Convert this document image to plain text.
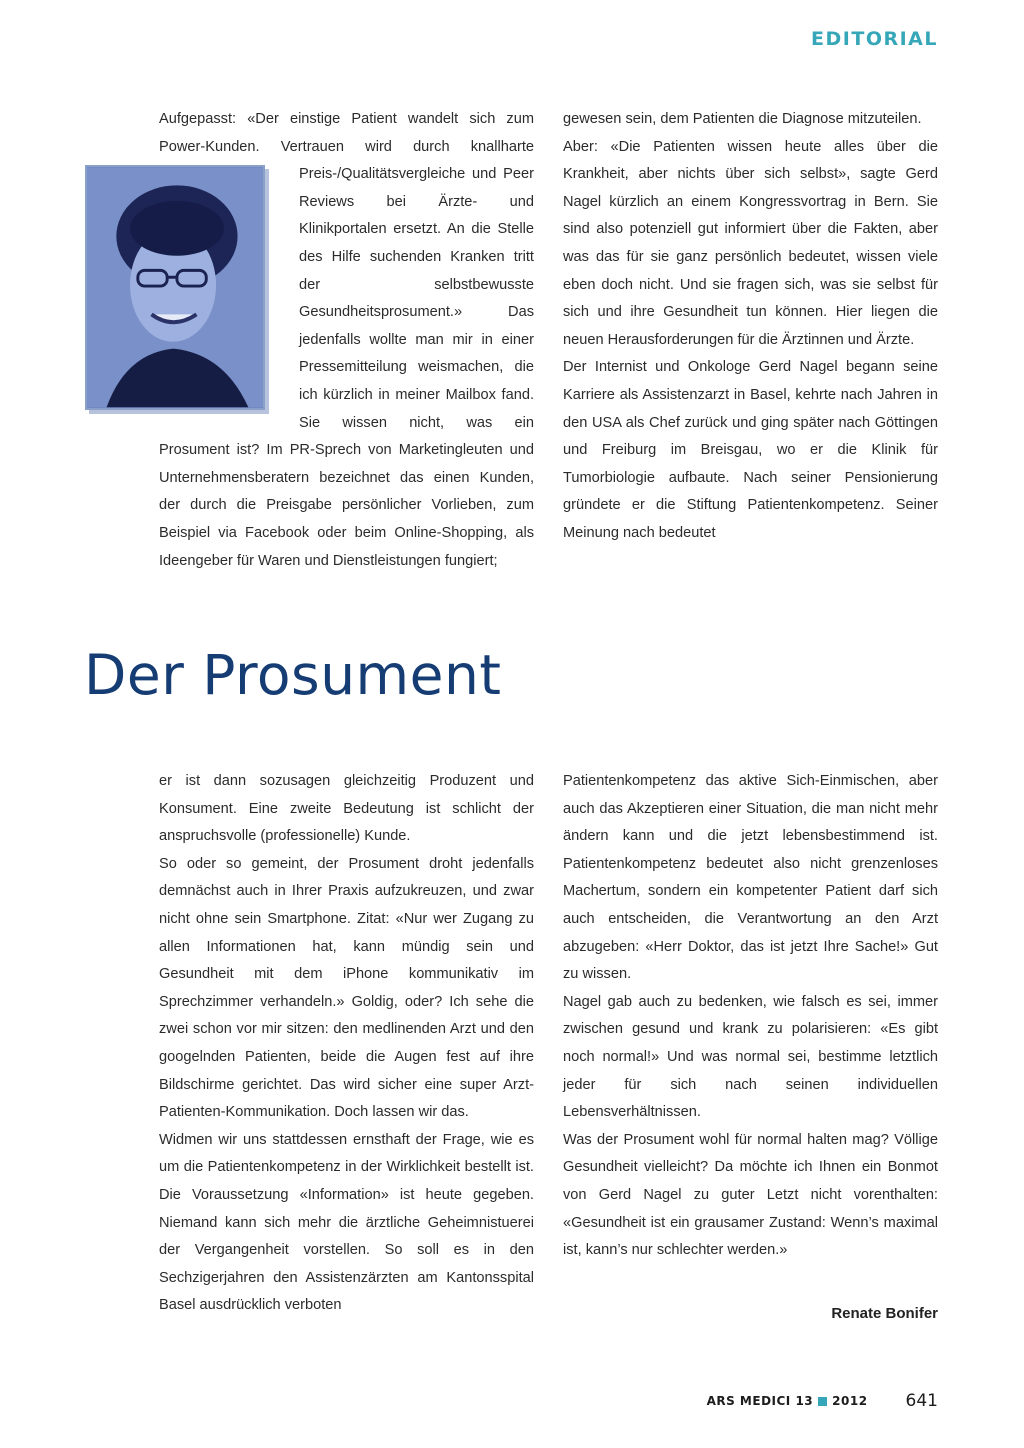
EDITORIAL

Aufgepasst: «Der einstige Patient wandelt sich zum Power-Kunden. Vertrauen wird durch knallharte
Preis-/Qualitätsvergleiche und Peer Reviews bei Ärzte- und Klinikportalen ersetzt. An die Stelle des Hilfe suchenden Kranken tritt der selbstbewusste Gesundheitsprosument.» Das jedenfalls wollte man mir in einer Pressemitteilung weismachen, die ich kürzlich in meiner Mailbox fand. Sie wissen nicht, was ein Prosument ist? Im PR-Sprech von Marketingleuten und Unternehmensberatern bezeichnet das einen Kunden, der durch die Preisgabe persönlicher Vorlieben, zum Beispiel via Facebook oder beim Online-Shopping, als Ideengeber für Waren und Dienstleistungen fungiert;

gewesen sein, dem Patienten die Diagnose mitzuteilen.

Aber: «Die Patienten wissen heute alles über die Krankheit, aber nichts über sich selbst», sagte Gerd Nagel kürzlich an einem Kongressvortrag in Bern. Sie sind also potenziell gut informiert über die Fakten, aber was das für sie ganz persönlich bedeutet, wissen viele eben doch nicht. Und sie fragen sich, was sie selbst für sich und ihre Gesundheit tun können. Hier liegen die neuen Herausforderungen für die Ärztinnen und Ärzte.

Der Internist und Onkologe Gerd Nagel begann seine Karriere als Assistenzarzt in Basel, kehrte nach Jahren in den USA als Chef zurück und ging später nach Göttingen und Freiburg im Breisgau, wo er die Klinik für Tumorbiologie aufbaute. Nach seiner Pensionierung gründete er die Stiftung Patientenkompetenz. Seiner Meinung nach bedeutet

Der Prosument

er ist dann sozusagen gleichzeitig Produzent und Konsument. Eine zweite Bedeutung ist schlicht der anspruchsvolle (professionelle) Kunde.

So oder so gemeint, der Prosument droht jedenfalls demnächst auch in Ihrer Praxis aufzukreuzen, und zwar nicht ohne sein Smartphone. Zitat: «Nur wer Zugang zu allen Informationen hat, kann mündig sein und Gesundheit mit dem iPhone kommunikativ im Sprechzimmer verhandeln.» Goldig, oder? Ich sehe die zwei schon vor mir sitzen: den medlinenden Arzt und den googelnden Patienten, beide die Augen fest auf ihre Bildschirme gerichtet. Das wird sicher eine super Arzt-Patienten-Kommunikation. Doch lassen wir das.

Widmen wir uns stattdessen ernsthaft der Frage, wie es um die Patientenkompetenz in der Wirklichkeit bestellt ist. Die Voraussetzung «Information» ist heute gegeben. Niemand kann sich mehr die ärztliche Geheimnistuerei der Vergangenheit vorstellen. So soll es in den Sechzigerjahren den Assistenzärzten am Kantonsspital Basel ausdrücklich verboten

Patientenkompetenz das aktive Sich-Einmischen, aber auch das Akzeptieren einer Situation, die man nicht mehr ändern kann und die jetzt lebensbestimmend ist. Patientenkompetenz bedeutet also nicht grenzenloses Machertum, sondern ein kompetenter Patient darf sich auch entscheiden, die Verantwortung an den Arzt abzugeben: «Herr Doktor, das ist jetzt Ihre Sache!» Gut zu wissen.

Nagel gab auch zu bedenken, wie falsch es sei, immer zwischen gesund und krank zu polarisieren: «Es gibt noch normal!» Und was normal sei, bestimme letztlich jeder für sich nach seinen individuellen Lebensverhältnissen.

Was der Prosument wohl für normal halten mag? Völlige Gesundheit vielleicht? Da möchte ich Ihnen ein Bonmot von Gerd Nagel zu guter Letzt nicht vorenthalten: «Gesundheit ist ein grausamer Zustand: Wenn’s maximal ist, kann’s nur schlechter werden.»

Renate Bonifer
ARS MEDICI 13 2012 641
